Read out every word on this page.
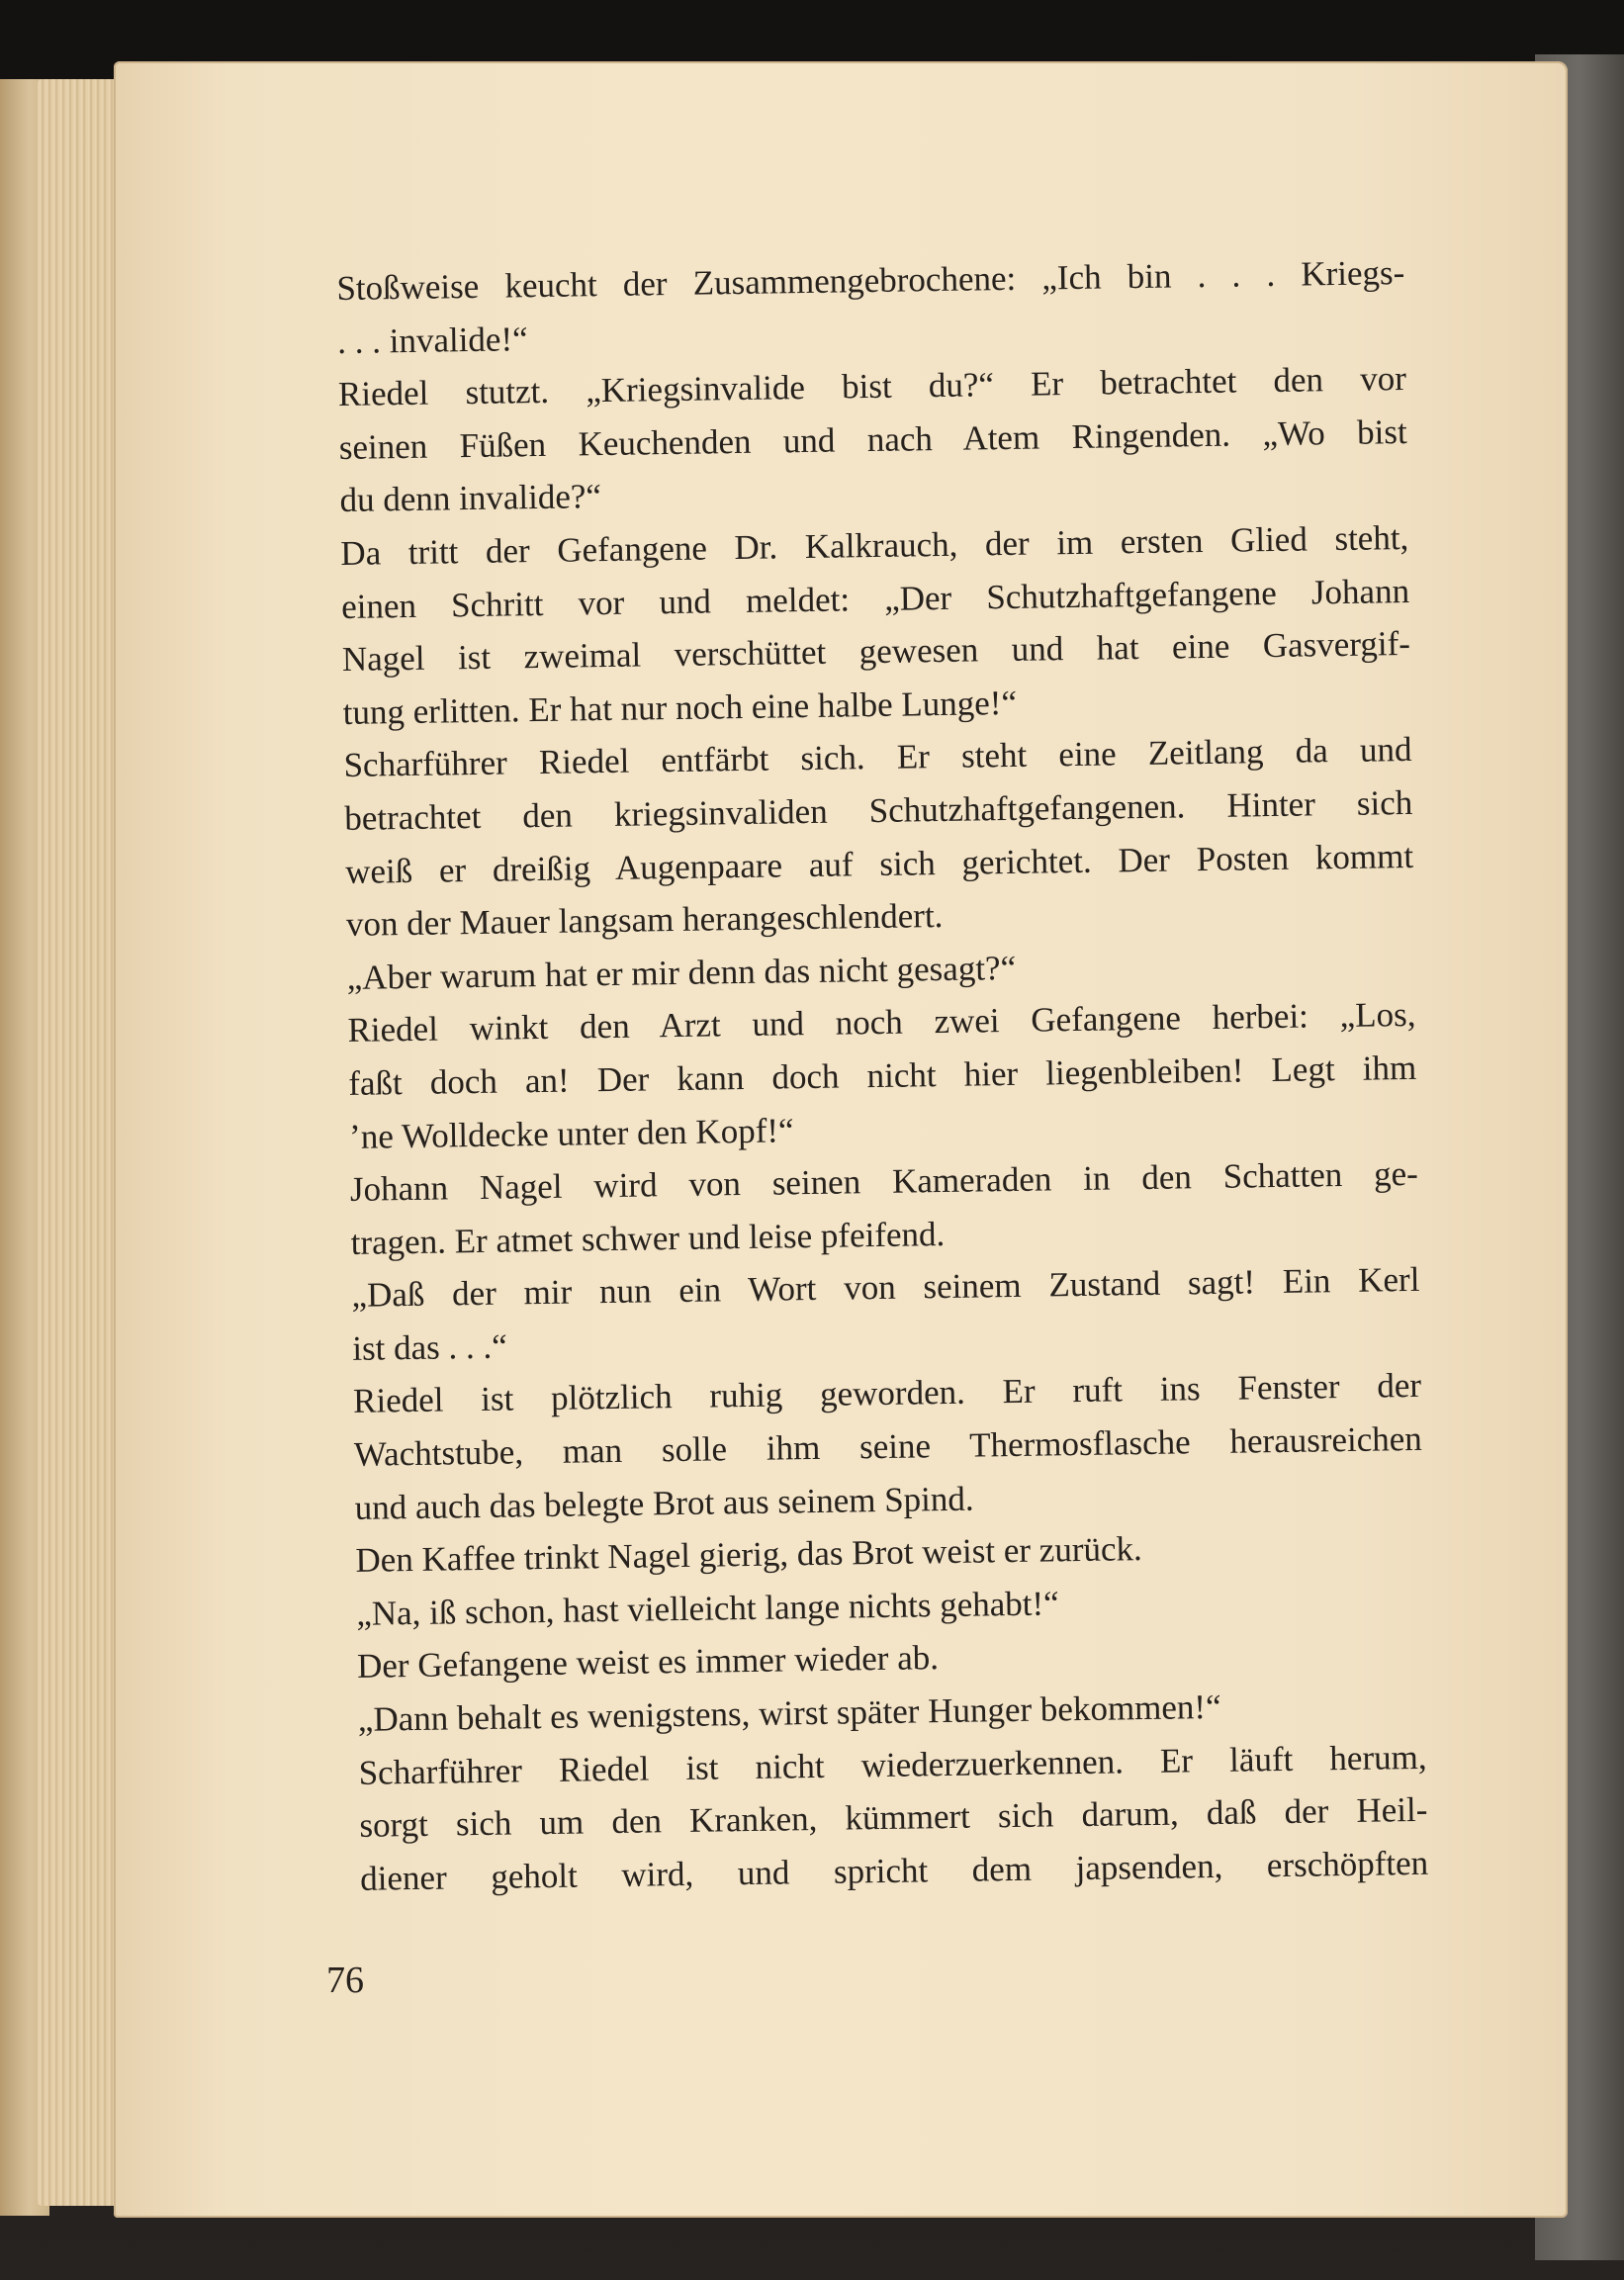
Stoßweise keucht der Zusammengebrochene: „Ich bin . . . Kriegs-
. . . invalide!“
Riedel stutzt. „Kriegsinvalide bist du?“ Er betrachtet den vor
seinen Füßen Keuchenden und nach Atem Ringenden. „Wo bist
du denn invalide?“
Da tritt der Gefangene Dr. Kalkrauch, der im ersten Glied steht,
einen Schritt vor und meldet: „Der Schutzhaftgefangene Johann
Nagel ist zweimal verschüttet gewesen und hat eine Gasvergif-
tung erlitten. Er hat nur noch eine halbe Lunge!“
Scharführer Riedel entfärbt sich. Er steht eine Zeitlang da und
betrachtet den kriegsinvaliden Schutzhaftgefangenen. Hinter sich
weiß er dreißig Augenpaare auf sich gerichtet. Der Posten kommt
von der Mauer langsam herangeschlendert.
„Aber warum hat er mir denn das nicht gesagt?“
Riedel winkt den Arzt und noch zwei Gefangene herbei: „Los,
faßt doch an! Der kann doch nicht hier liegenbleiben! Legt ihm
’ne Wolldecke unter den Kopf!“
Johann Nagel wird von seinen Kameraden in den Schatten ge-
tragen. Er atmet schwer und leise pfeifend.
„Daß der mir nun ein Wort von seinem Zustand sagt! Ein Kerl
ist das . . .“
Riedel ist plötzlich ruhig geworden. Er ruft ins Fenster der
Wachtstube, man solle ihm seine Thermosflasche herausreichen
und auch das belegte Brot aus seinem Spind.
Den Kaffee trinkt Nagel gierig, das Brot weist er zurück.
„Na, iß schon, hast vielleicht lange nichts gehabt!“
Der Gefangene weist es immer wieder ab.
„Dann behalt es wenigstens, wirst später Hunger bekommen!“
Scharführer Riedel ist nicht wiederzuerkennen. Er läuft herum,
sorgt sich um den Kranken, kümmert sich darum, daß der Heil-
diener geholt wird, und spricht dem japsenden, erschöpften
76
